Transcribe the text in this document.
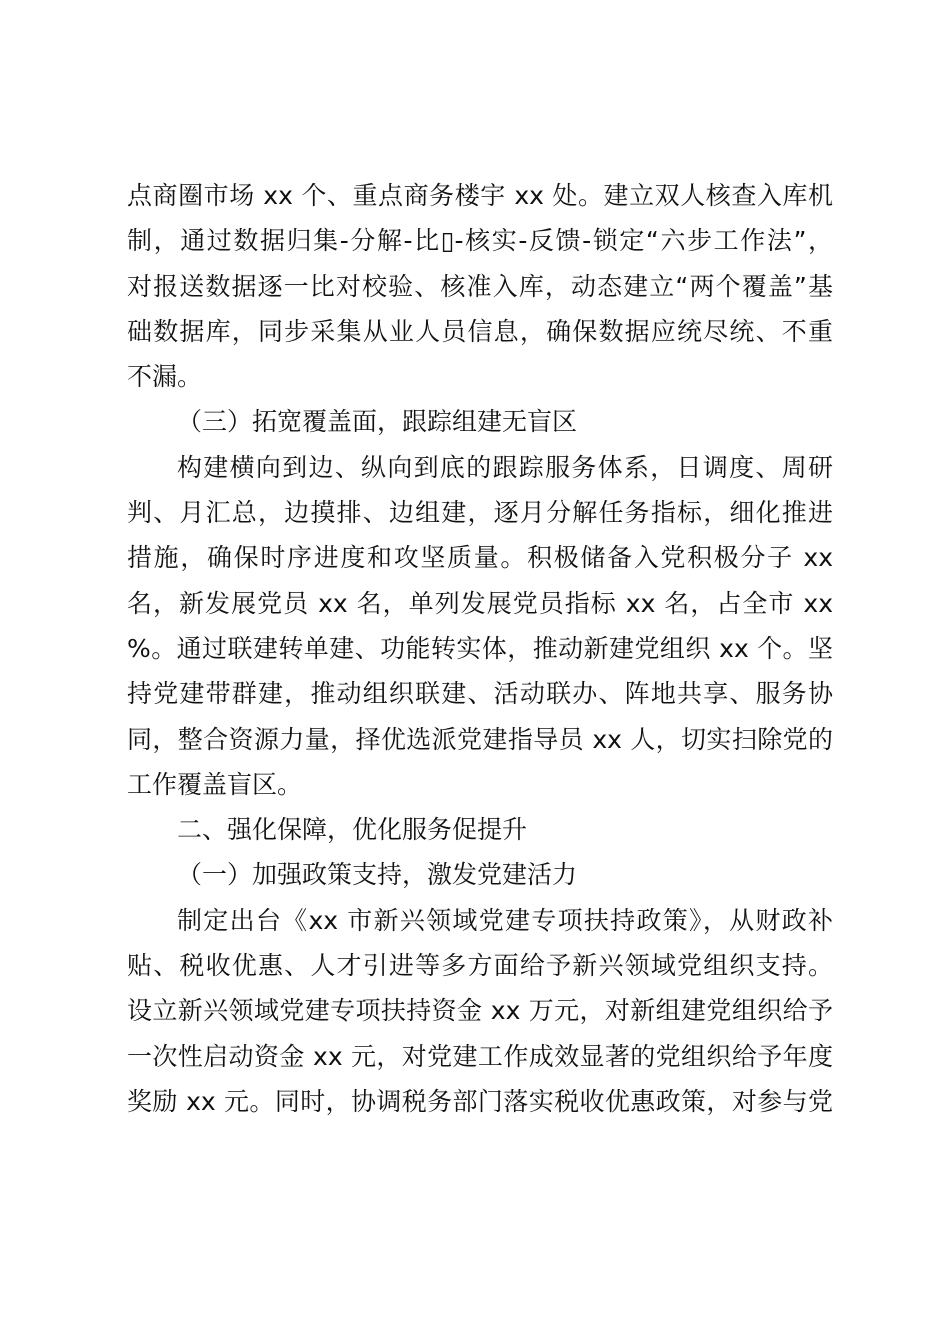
点商圈市场 xx 个、重点商务楼宇 xx 处。建立双人核查入库机
制，通过数据归集-分解-比▯-核实-反馈-锁定“六步工作法”，
对报送数据逐一比对校验、核准入库，动态建立“两个覆盖”基
础数据库，同步采集从业人员信息，确保数据应统尽统、不重
不漏。
（三）拓宽覆盖面，跟踪组建无盲区
构建横向到边、纵向到底的跟踪服务体系，日调度、周研
判、月汇总，边摸排、边组建，逐月分解任务指标，细化推进
措施，确保时序进度和攻坚质量。积极储备入党积极分子 xx
名，新发展党员 xx 名，单列发展党员指标 xx 名，占全市 xx
%。通过联建转单建、功能转实体，推动新建党组织 xx 个。坚
持党建带群建，推动组织联建、活动联办、阵地共享、服务协
同，整合资源力量，择优选派党建指导员 xx 人，切实扫除党的
工作覆盖盲区。
二、强化保障，优化服务促提升
（一）加强政策支持，激发党建活力
制定出台《xx 市新兴领域党建专项扶持政策》，从财政补
贴、税收优惠、人才引进等多方面给予新兴领域党组织支持。
设立新兴领域党建专项扶持资金 xx 万元，对新组建党组织给予
一次性启动资金 xx 元，对党建工作成效显著的党组织给予年度
奖励 xx 元。同时，协调税务部门落实税收优惠政策，对参与党
